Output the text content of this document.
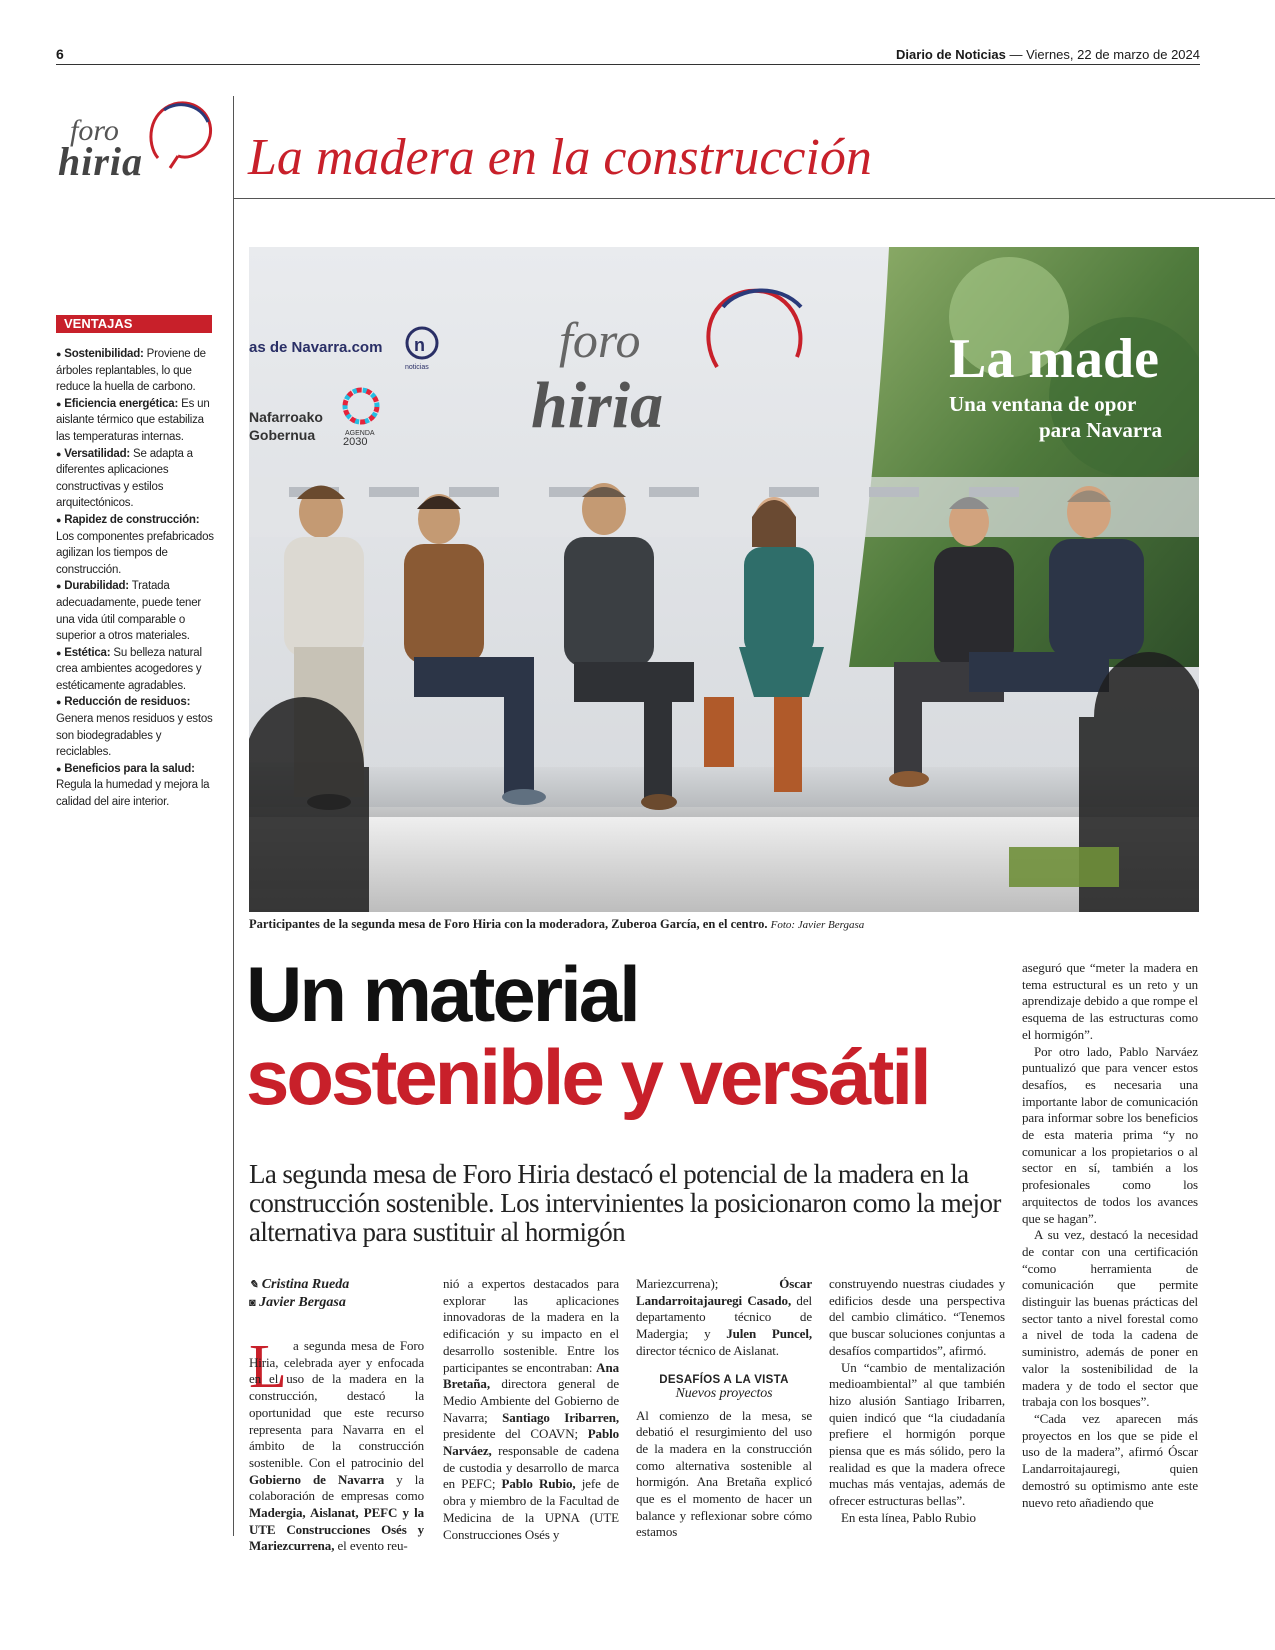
6	Diario de Noticias — Viernes, 22 de marzo de 2024
foro
hiria La madera en la construcción
VENTAJAS
● Sostenibilidad: Proviene de árboles replantables, lo que reduce la huella de carbono.
● Eficiencia energética: Es un aislante térmico que estabiliza las temperaturas internas.
● Versatilidad: Se adapta a diferentes aplicaciones constructivas y estilos arquitectónicos.
● Rapidez de construcción: Los componentes prefabricados agilizan los tiempos de construcción.
● Durabilidad: Tratada adecuadamente, puede tener una vida útil comparable o superior a otros materiales.
● Estética: Su belleza natural crea ambientes acogedores y estéticamente agradables.
● Reducción de residuos: Genera menos residuos y estos son biodegradables y reciclables.
● Beneficios para la salud: Regula la humedad y mejora la calidad del aire interior.
as de Navarra.com n
noticias
Nafarroako
Gobernua	AGENDA
2030
foro
hiria
La made
Una ventana de opor
para Navarra
Participantes de la segunda mesa de Foro Hiria con la moderadora, Zuberoa García, en el centro. Foto: Javier Bergasa
Un material
sostenible y versátil
La segunda mesa de Foro Hiria destacó el potencial de la madera en la construcción sostenible. Los intervinientes la posicionaron como la mejor alternativa para sustituir al hormigón
✎ Cristina Rueda
◙ Javier Bergasa
L a segunda mesa de Foro Hiria, celebrada ayer y enfocada en el uso de la madera en la construcción, destacó la oportunidad que este recurso representa para Navarra en el ámbito de la construcción sostenible. Con el patrocinio del Gobierno de Navarra y la colaboración de empresas como Madergia, Aislanat, PEFC y la UTE Construcciones Osés y Mariezcurrena, el evento reu-

nió a expertos destacados para explorar las aplicaciones innovadoras de la madera en la edificación y su impacto en el desarrollo sostenible. Entre los participantes se encontraban: Ana Bretaña, directora general de Medio Ambiente del Gobierno de Navarra; Santiago Iribarren, presidente del COAVN; Pablo Narváez, responsable de cadena de custodia y desarrollo de marca en PEFC; Pablo Rubio, jefe de obra y miembro de la Facultad de Medicina de la UPNA (UTE Construcciones Osés y

Mariezcurrena); Óscar Landarroitajauregi Casado, del departamento técnico de Madergia; y Julen Puncel, director técnico de Aislanat.

DESAFÍOS A LA VISTA
Nuevos proyectos

Al comienzo de la mesa, se debatió el resurgimiento del uso de la madera en la construcción como alternativa sostenible al hormigón. Ana Bretaña explicó que es el momento de hacer un balance y reflexionar sobre cómo estamos

construyendo nuestras ciudades y edificios desde una perspectiva del cambio climático. “Tenemos que buscar soluciones conjuntas a desafíos compartidos”, afirmó.

Un “cambio de mentalización medioambiental” al que también hizo alusión Santiago Iribarren, quien indicó que “la ciudadanía prefiere el hormigón porque piensa que es más sólido, pero la realidad es que la madera ofrece muchas más ventajas, además de ofrecer estructuras bellas”.

En esta línea, Pablo Rubio

aseguró que “meter la madera en tema estructural es un reto y un aprendizaje debido a que rompe el esquema de las estructuras como el hormigón”.

Por otro lado, Pablo Narváez puntualizó que para vencer estos desafíos, es necesaria una importante labor de comunicación para informar sobre los beneficios de esta materia prima “y no comunicar a los propietarios o al sector en sí, también a los profesionales como los arquitectos de todos los avances que se hagan”.

A su vez, destacó la necesidad de contar con una certificación “como herramienta de comunicación que permite distinguir las buenas prácticas del sector tanto a nivel forestal como a nivel de toda la cadena de suministro, además de poner en valor la sostenibilidad de la madera y de todo el sector que trabaja con los bosques”.

“Cada vez aparecen más proyectos en los que se pide el uso de la madera”, afirmó Óscar Landarroitajauregi, quien demostró su optimismo ante este nuevo reto añadiendo que
